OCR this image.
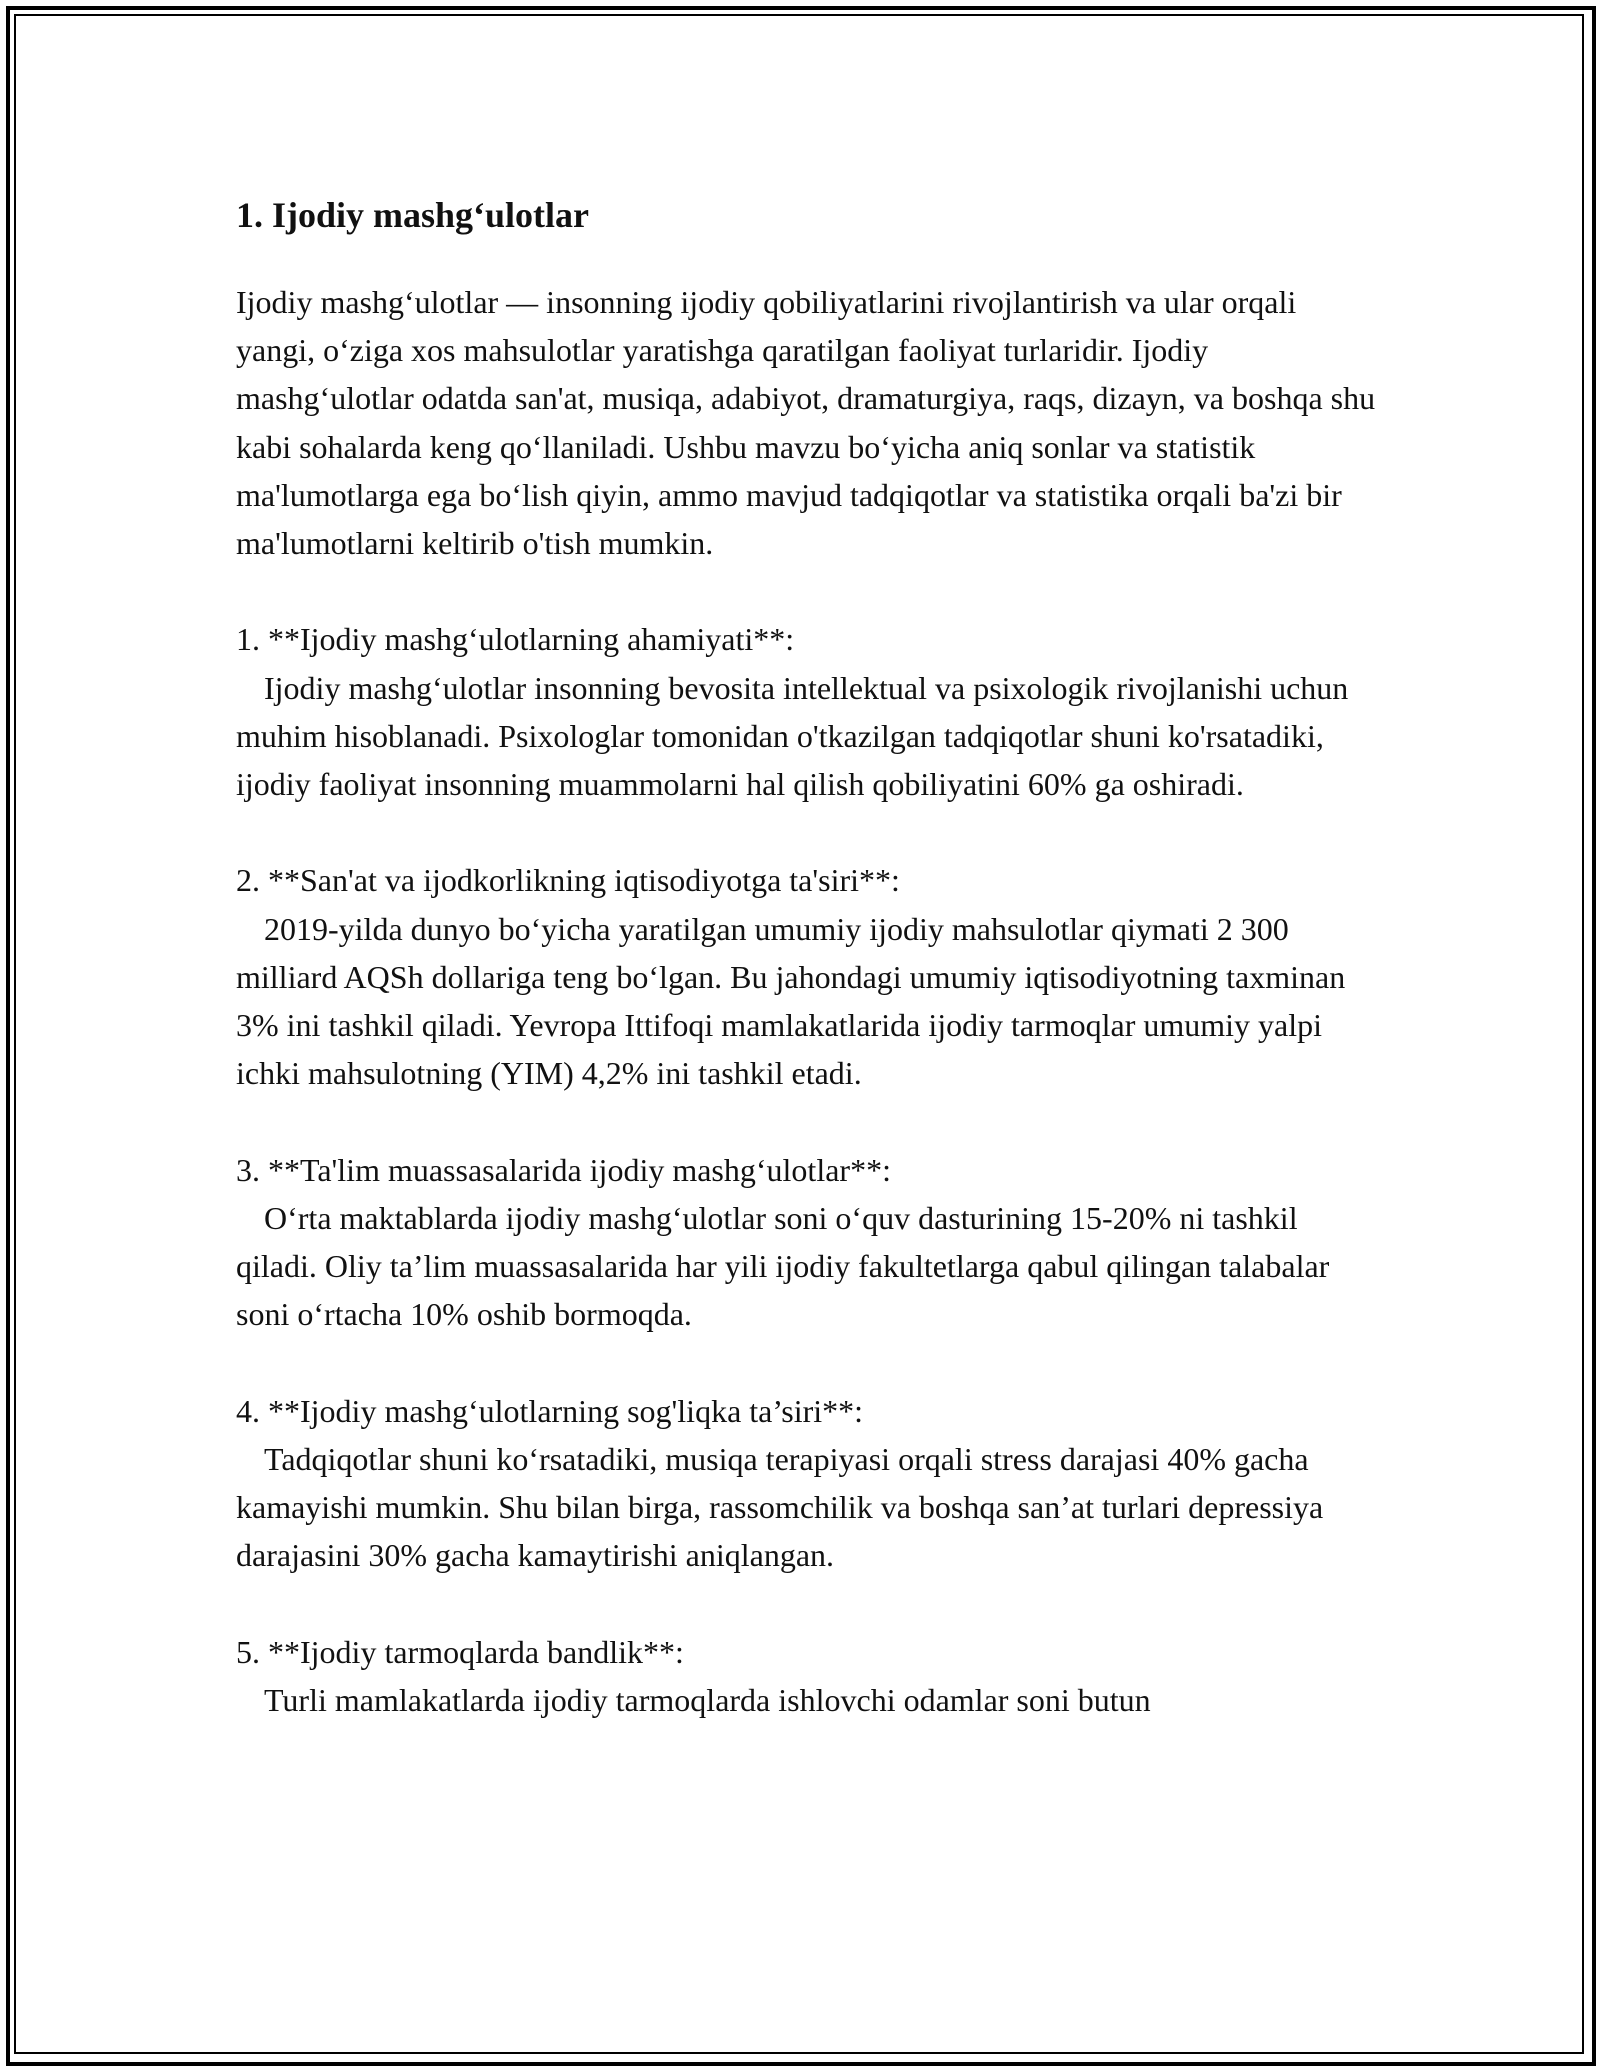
1. Ijodiy mashg‘ulotlar

Ijodiy mashg‘ulotlar — insonning ijodiy qobiliyatlarini rivojlantirish va ular orqali yangi, o‘ziga xos mahsulotlar yaratishga qaratilgan faoliyat turlaridir. Ijodiy mashg‘ulotlar odatda san'at, musiqa, adabiyot, dramaturgiya, raqs, dizayn, va boshqa shu kabi sohalarda keng qo‘llaniladi. Ushbu mavzu bo‘yicha aniq sonlar va statistik ma'lumotlarga ega bo‘lish qiyin, ammo mavjud tadqiqotlar va statistika orqali ba'zi bir ma'lumotlarni keltirib o'tish mumkin.

1. **Ijodiy mashg‘ulotlarning ahamiyati**:
Ijodiy mashg‘ulotlar insonning bevosita intellektual va psixologik rivojlanishi uchun muhim hisoblanadi. Psixologlar tomonidan o'tkazilgan tadqiqotlar shuni ko'rsatadiki, ijodiy faoliyat insonning muammolarni hal qilish qobiliyatini 60% ga oshiradi.

2. **San'at va ijodkorlikning iqtisodiyotga ta'siri**:
2019-yilda dunyo bo‘yicha yaratilgan umumiy ijodiy mahsulotlar qiymati 2 300 milliard AQSh dollariga teng bo‘lgan. Bu jahondagi umumiy iqtisodiyotning taxminan 3% ini tashkil qiladi. Yevropa Ittifoqi mamlakatlarida ijodiy tarmoqlar umumiy yalpi ichki mahsulotning (YIM) 4,2% ini tashkil etadi.

3. **Ta'lim muassasalarida ijodiy mashg‘ulotlar**:
O‘rta maktablarda ijodiy mashg‘ulotlar soni o‘quv dasturining 15-20% ni tashkil qiladi. Oliy ta’lim muassasalarida har yili ijodiy fakultetlarga qabul qilingan talabalar soni o‘rtacha 10% oshib bormoqda.

4. **Ijodiy mashg‘ulotlarning sog'liqka ta’siri**:
Tadqiqotlar shuni ko‘rsatadiki, musiqa terapiyasi orqali stress darajasi 40% gacha kamayishi mumkin. Shu bilan birga, rassomchilik va boshqa san’at turlari depressiya darajasini 30% gacha kamaytirishi aniqlangan.

5. **Ijodiy tarmoqlarda bandlik**:
Turli mamlakatlarda ijodiy tarmoqlarda ishlovchi odamlar soni butun
